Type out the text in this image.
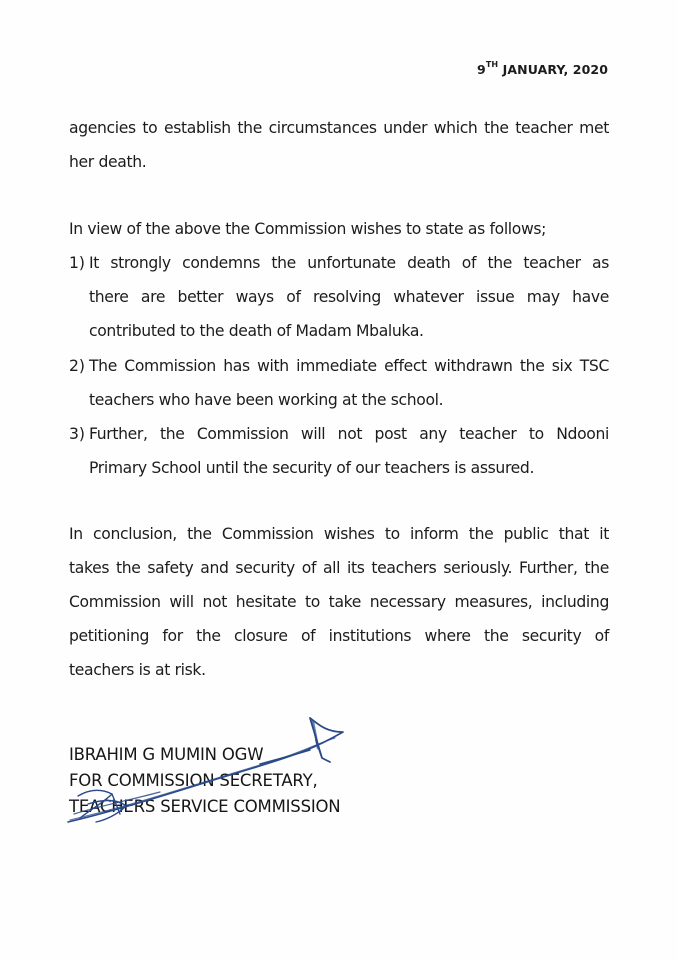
9TH JANUARY, 2020
agencies to establish the circumstances under which the teacher met
her death.
In view of the above the Commission wishes to state as follows;
1) It strongly condemns the unfortunate death of the teacher as
there are better ways of resolving whatever issue may have
contributed to the death of Madam Mbaluka.
2) The Commission has with immediate effect withdrawn the six TSC
teachers who have been working at the school.
3) Further, the Commission will not post any teacher to Ndooni
Primary School until the security of our teachers is assured.
In conclusion, the Commission wishes to inform the public that it
takes the safety and security of all its teachers seriously. Further, the
Commission will not hesitate to take necessary measures, including
petitioning for the closure of institutions where the security of
teachers is at risk.
IBRAHIM G MUMIN OGW
FOR COMMISSION SECRETARY,
TEACHERS SERVICE COMMISSION
